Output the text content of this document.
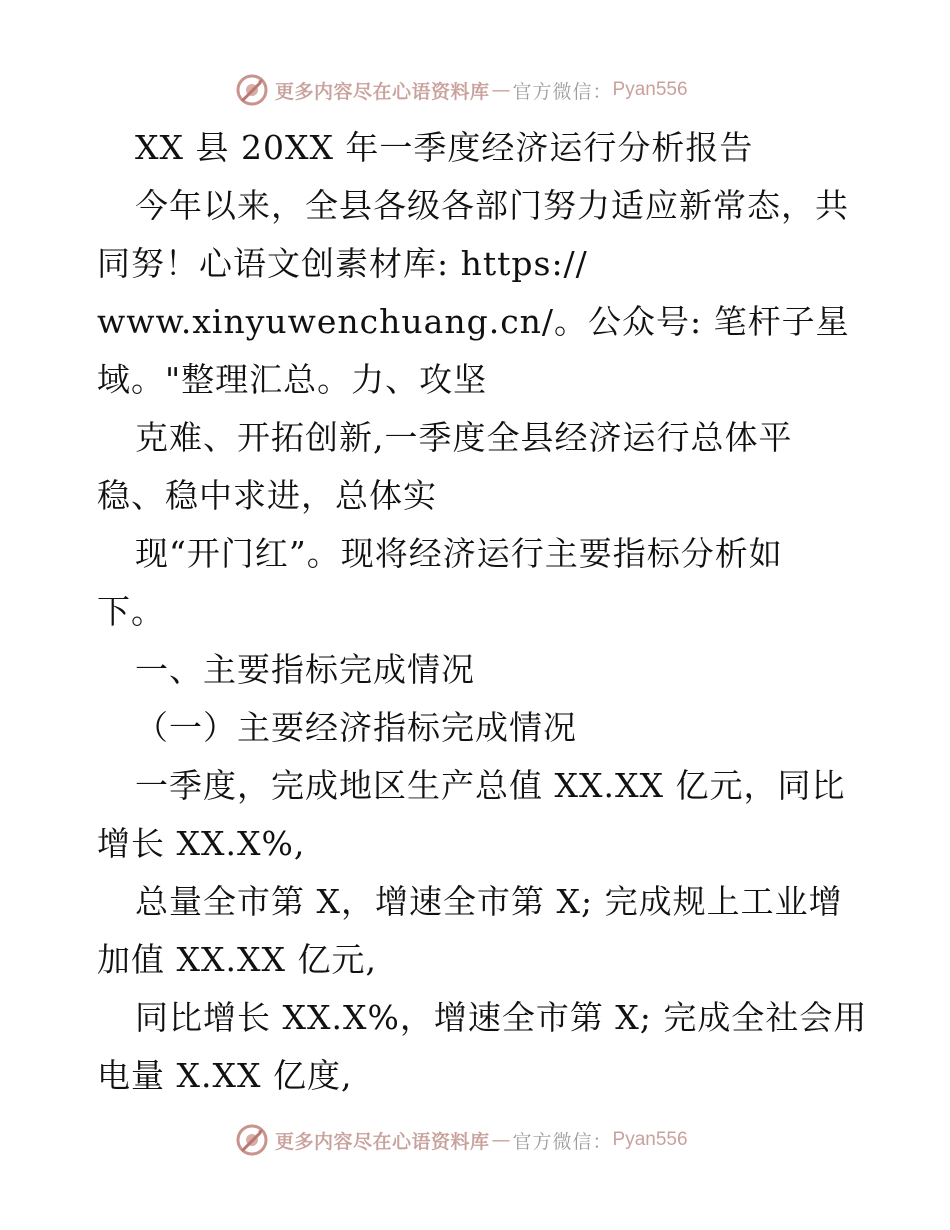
更多内容尽在心语资料库 — 官方微信： Pyan556
XX 县 20XX 年一季度经济运行分析报告
今年以来，全县各级各部门努力适应新常态，共
同努！心语文创素材库: https://
www.xinyuwenchuang.cn/。公众号: 笔杆子星
域。"整理汇总。力、攻坚
克难、开拓创新,一季度全县经济运行总体平
稳、稳中求进，总体实
现“开门红”。现将经济运行主要指标分析如
下。
一、主要指标完成情况
（一）主要经济指标完成情况
一季度，完成地区生产总值 XX.XX 亿元，同比
增长 XX.X%,
总量全市第 X，增速全市第 X; 完成规上工业增
加值 XX.XX 亿元,
同比增长 XX.X%，增速全市第 X; 完成全社会用
电量 X.XX 亿度,
更多内容尽在心语资料库 — 官方微信： Pyan556
